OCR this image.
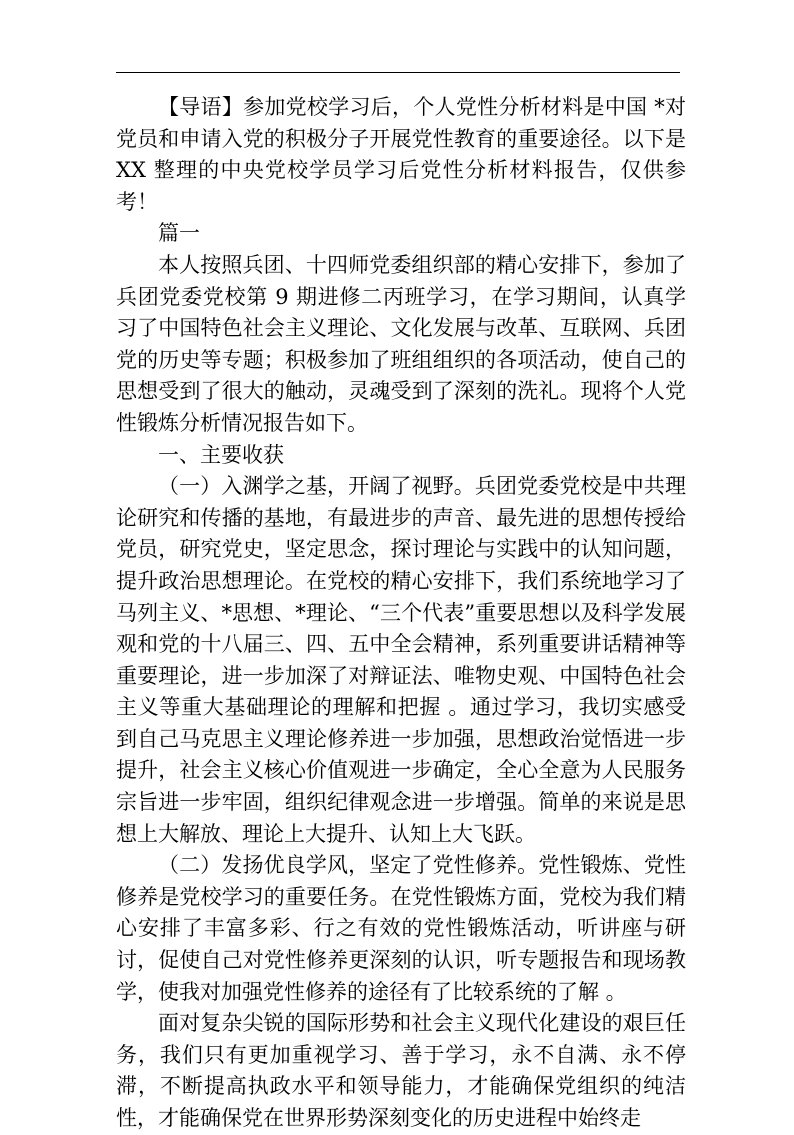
【导语】参加党校学习后，个人党性分析材料是中国 *对党员和申请入党的积极分子开展党性教育的重要途径。以下是 XX 整理的中央党校学员学习后党性分析材料报告，仅供参考！

篇一

本人按照兵团、十四师党委组织部的精心安排下，参加了兵团党委党校第 9 期进修二丙班学习，在学习期间，认真学习了中国特色社会主义理论、文化发展与改革、互联网、兵团党的历史等专题；积极参加了班组组织的各项活动，使自己的思想受到了很大的触动，灵魂受到了深刻的洗礼。现将个人党性锻炼分析情况报告如下。

一、主要收获

（一）入渊学之基，开阔了视野。兵团党委党校是中共理论研究和传播的基地，有最进步的声音、最先进的思想传授给党员，研究党史，坚定思念，探讨理论与实践中的认知问题，提升政治思想理论。在党校的精心安排下，我们系统地学习了马列主义、*思想、*理论、“三个代表”重要思想以及科学发展观和党的十八届三、四、五中全会精神，系列重要讲话精神等重要理论，进一步加深了对辩证法、唯物史观、中国特色社会主义等重大基础理论的理解和把握 。通过学习，我切实感受到自己马克思主义理论修养进一步加强，思想政治觉悟进一步提升，社会主义核心价值观进一步确定，全心全意为人民服务宗旨进一步牢固，组织纪律观念进一步增强。简单的来说是思想上大解放、理论上大提升、认知上大飞跃。

（二）发扬优良学风，坚定了党性修养。党性锻炼、党性修养是党校学习的重要任务。在党性锻炼方面，党校为我们精心安排了丰富多彩、行之有效的党性锻炼活动，听讲座与研讨，促使自己对党性修养更深刻的认识，听专题报告和现场教学，使我对加强党性修养的途径有了比较系统的了解 。

面对复杂尖锐的国际形势和社会主义现代化建设的艰巨任务，我们只有更加重视学习、善于学习，永不自满、永不停滞，不断提高执政水平和领导能力，才能确保党组织的纯洁性，才能确保党在世界形势深刻变化的历史进程中始终走
